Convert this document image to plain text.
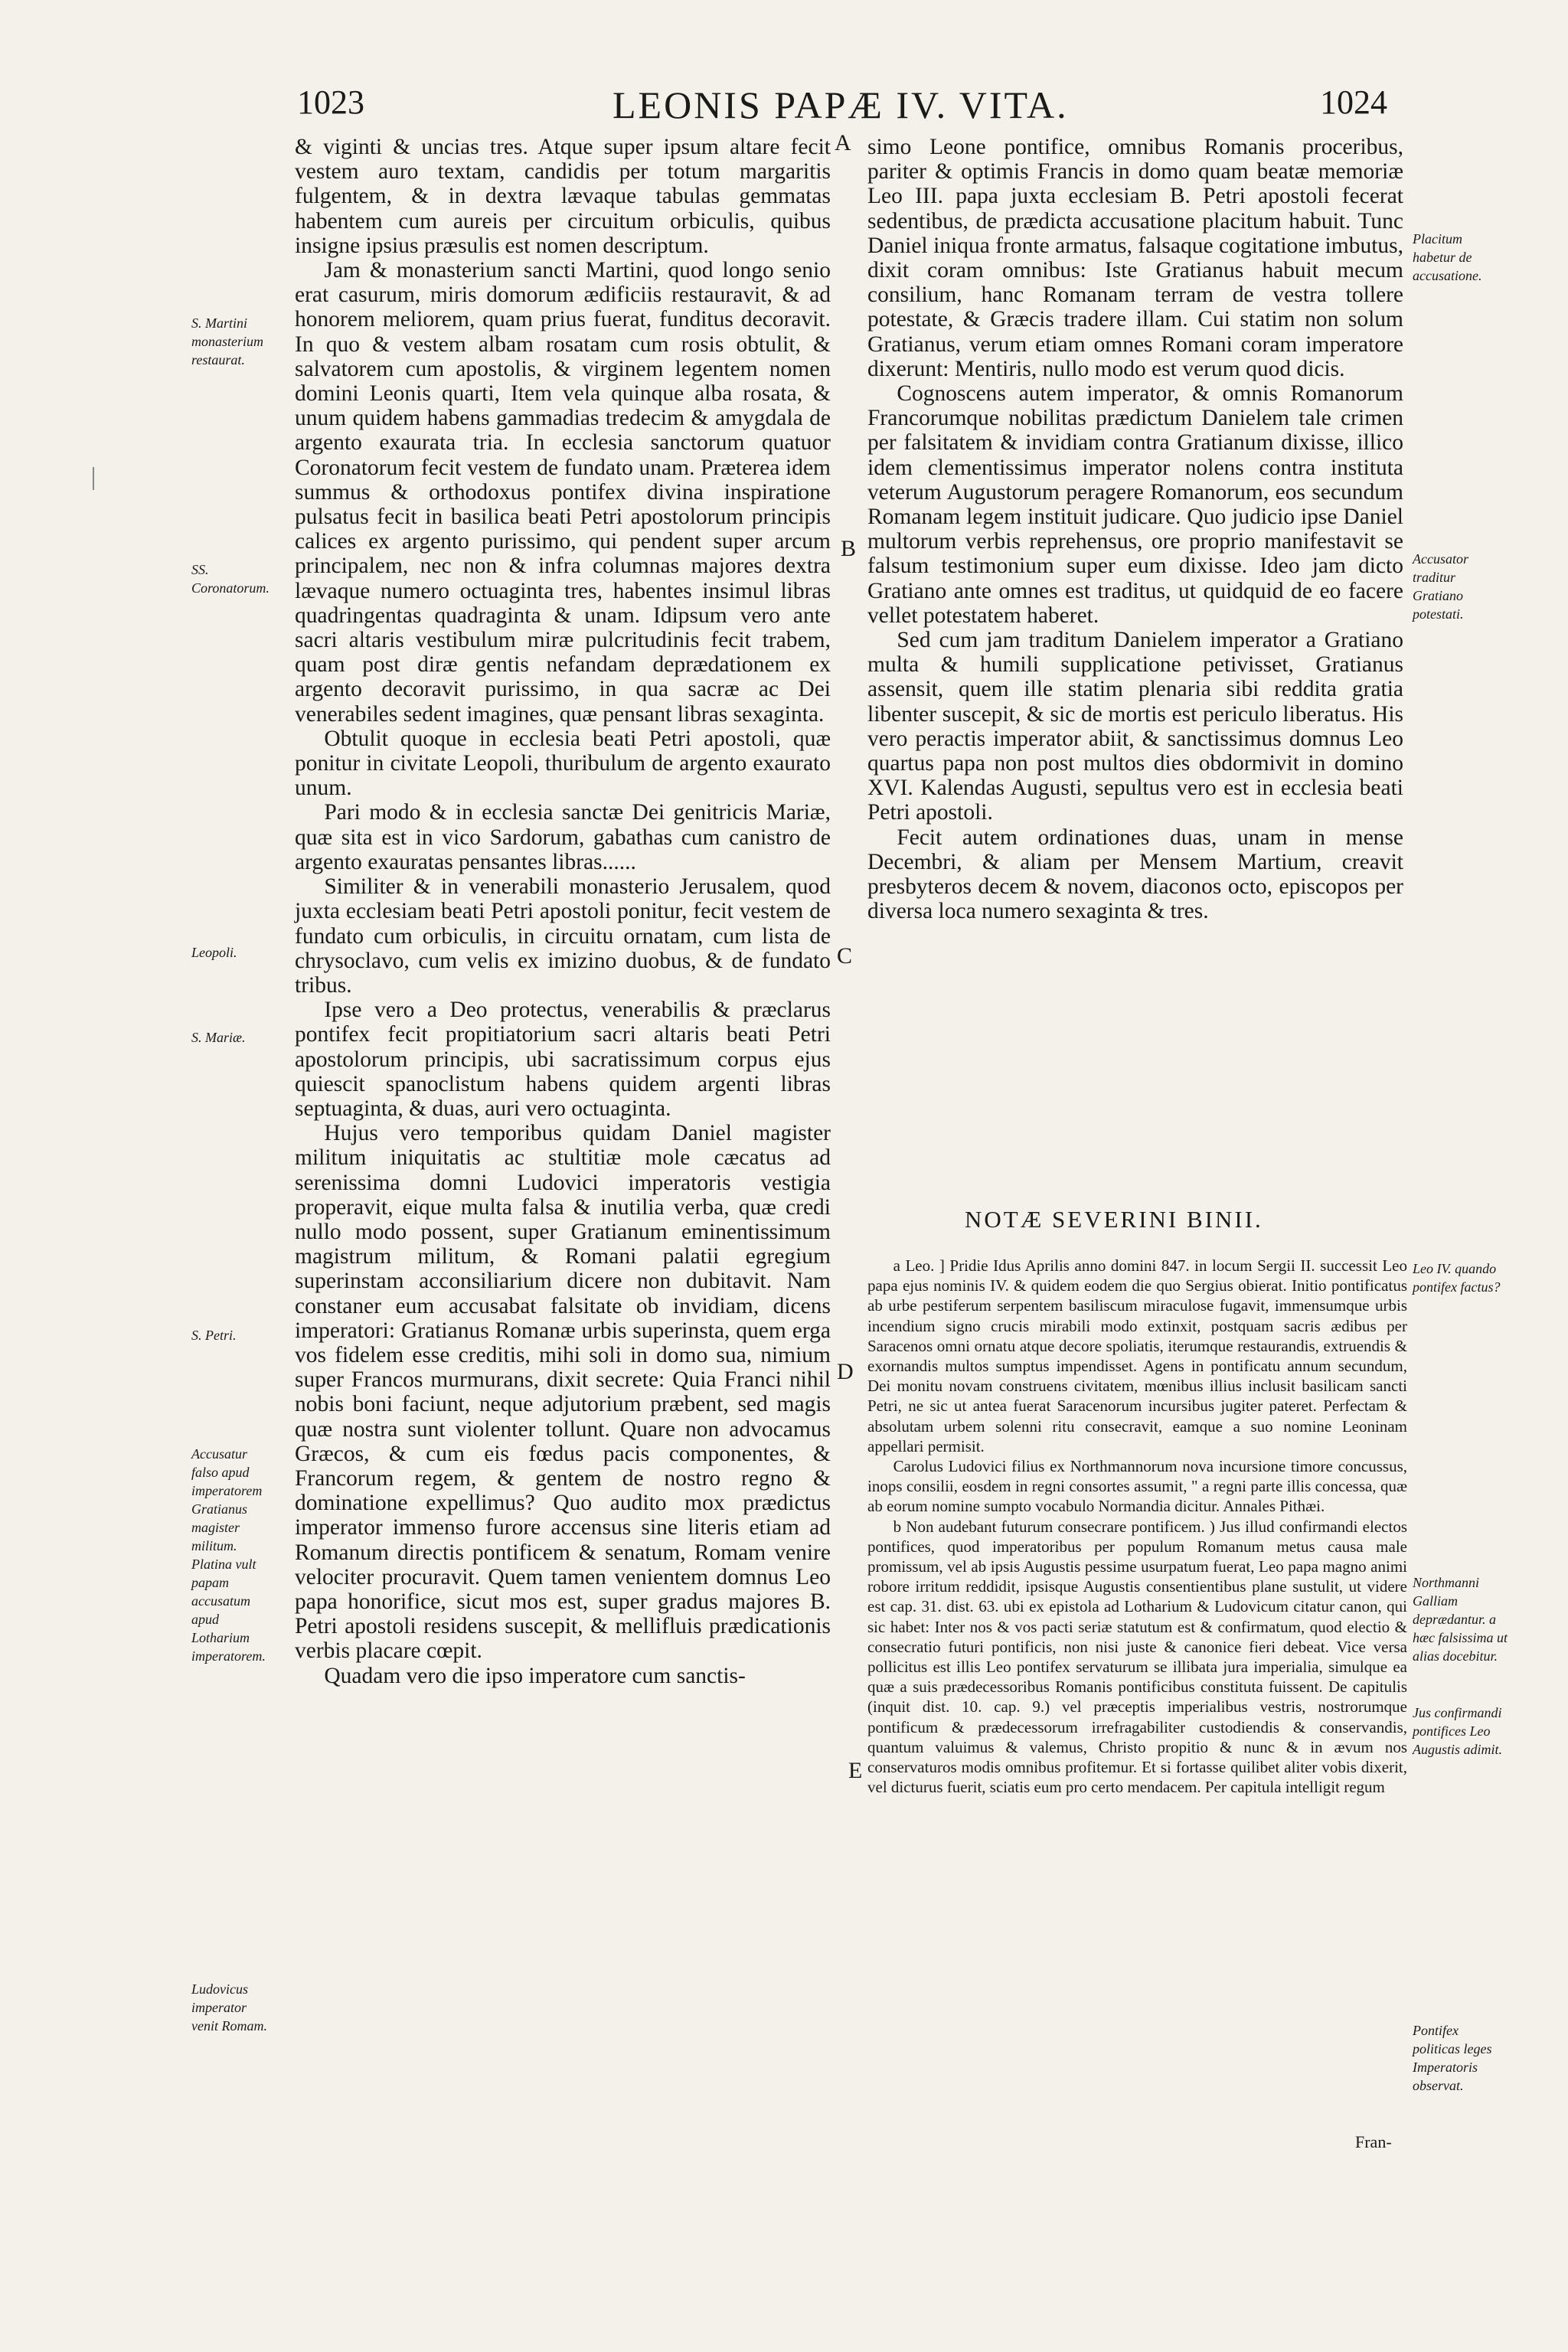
1023	LEONIS PAPÆ IV. VITA.	1024
S. Martini monasterium restaurat.
SS. Coronatorum.
Leopoli.
S. Mariæ.
S. Petri.
Accusatur falso apud imperatorem Gratianus magister militum. Platina vult papam accusatum apud Lotharium imperatorem.
Ludovicus imperator venit Romam.
A
B
C
D
E

& viginti & uncias tres. Atque super ipsum altare fecit vestem auro textam, candidis per totum margaritis fulgentem, & in dextra lævaque tabulas gemmatas habentem cum aureis per circuitum orbiculis, quibus insigne ipsius præsulis est nomen descriptum.

Jam & monasterium sancti Martini, quod longo senio erat casurum, miris domorum ædificiis restauravit, & ad honorem meliorem, quam prius fuerat, funditus decoravit. In quo & vestem albam rosatam cum rosis obtulit, & salvatorem cum apostolis, & virginem legentem nomen domini Leonis quarti, Item vela quinque alba rosata, & unum quidem habens gammadias tredecim & amygdala de argento exaurata tria. In ecclesia sanctorum quatuor Coronatorum fecit vestem de fundato unam. Præterea idem summus & orthodoxus pontifex divina inspiratione pulsatus fecit in basilica beati Petri apostolorum principis calices ex argento purissimo, qui pendent super arcum principalem, nec non & infra columnas majores dextra lævaque numero octuaginta tres, habentes insimul libras quadringentas quadraginta & unam. Idipsum vero ante sacri altaris vestibulum miræ pulcritudinis fecit trabem, quam post diræ gentis nefandam deprædationem ex argento decoravit purissimo, in qua sacræ ac Dei venerabiles sedent imagines, quæ pensant libras sexaginta.

Obtulit quoque in ecclesia beati Petri apostoli, quæ ponitur in civitate Leopoli, thuribulum de argento exaurato unum.

Pari modo & in ecclesia sanctæ Dei genitricis Mariæ, quæ sita est in vico Sardorum, gabathas cum canistro de argento exauratas pensantes libras......

Similiter & in venerabili monasterio Jerusalem, quod juxta ecclesiam beati Petri apostoli ponitur, fecit vestem de fundato cum orbiculis, in circuitu ornatam, cum lista de chrysoclavo, cum velis ex imizino duobus, & de fundato tribus.

Ipse vero a Deo protectus, venerabilis & præclarus pontifex fecit propitiatorium sacri altaris beati Petri apostolorum principis, ubi sacratissimum corpus ejus quiescit spanoclistum habens quidem argenti libras septuaginta, & duas, auri vero octuaginta.

Hujus vero temporibus quidam Daniel magister militum iniquitatis ac stultitiæ mole cæcatus ad serenissima domni Ludovici imperatoris vestigia properavit, eique multa falsa & inutilia verba, quæ credi nullo modo possent, super Gratianum eminentissimum magistrum militum, & Romani palatii egregium superinstam acconsiliarium dicere non dubitavit. Nam constaner eum accusabat falsitate ob invidiam, dicens imperatori: Gratianus Romanæ urbis superinsta, quem erga vos fidelem esse creditis, mihi soli in domo sua, nimium super Francos murmurans, dixit secrete: Quia Franci nihil nobis boni faciunt, neque adjutorium præbent, sed magis quæ nostra sunt violenter tollunt. Quare non advocamus Græcos, & cum eis fœdus pacis componentes, & Francorum regem, & gentem de nostro regno & dominatione expellimus? Quo audito mox prædictus imperator immenso furore accensus sine literis etiam ad Romanum directis pontificem & senatum, Romam venire velociter procuravit. Quem tamen venientem domnus Leo papa honorifice, sicut mos est, super gradus majores B. Petri apostoli residens suscepit, & mellifluis prædicationis verbis placare cœpit.

Quadam vero die ipso imperatore cum sanctis-

simo Leone pontifice, omnibus Romanis proceribus, pariter & optimis Francis in domo quam beatæ memoriæ Leo III. papa juxta ecclesiam B. Petri apostoli fecerat sedentibus, de prædicta accusatione placitum habuit. Tunc Daniel iniqua fronte armatus, falsaque cogitatione imbutus, dixit coram omnibus: Iste Gratianus habuit mecum consilium, hanc Romanam terram de vestra tollere potestate, & Græcis tradere illam. Cui statim non solum Gratianus, verum etiam omnes Romani coram imperatore dixerunt: Mentiris, nullo modo est verum quod dicis.

Cognoscens autem imperator, & omnis Romanorum Francorumque nobilitas prædictum Danielem tale crimen per falsitatem & invidiam contra Gratianum dixisse, illico idem clementissimus imperator nolens contra instituta veterum Augustorum peragere Romanorum, eos secundum Romanam legem instituit judicare. Quo judicio ipse Daniel multorum verbis reprehensus, ore proprio manifestavit se falsum testimonium super eum dixisse. Ideo jam dicto Gratiano ante omnes est traditus, ut quidquid de eo facere vellet potestatem haberet.

Sed cum jam traditum Danielem imperator a Gratiano multa & humili supplicatione petivisset, Gratianus assensit, quem ille statim plenaria sibi reddita gratia libenter suscepit, & sic de mortis est periculo liberatus. His vero peractis imperator abiit, & sanctissimus domnus Leo quartus papa non post multos dies obdormivit in domino XVI. Kalendas Augusti, sepultus vero est in ecclesia beati Petri apostoli.

Fecit autem ordinationes duas, unam in mense Decembri, & aliam per Mensem Martium, creavit presbyteros decem & novem, diaconos octo, episcopos per diversa loca numero sexaginta & tres.

Placitum habetur de accusatione.
Accusator traditur Gratiano potestati.
Leo IV. quando pontifex factus?
Northmanni Galliam deprædantur. a hæc falsissima ut alias docebitur.
Jus confirmandi pontifices Leo Augustis adimit.
Pontifex politicas leges Imperatoris observat.
NOTÆ SEVERINI BINII.

a Leo. ] Pridie Idus Aprilis anno domini 847. in locum Sergii II. successit Leo papa ejus nominis IV. & quidem eodem die quo Sergius obierat. Initio pontificatus ab urbe pestiferum serpentem basiliscum miraculose fugavit, immensumque urbis incendium signo crucis mirabili modo extinxit, postquam sacris ædibus per Saracenos omni ornatu atque decore spoliatis, iterumque restaurandis, extruendis & exornandis multos sumptus impendisset. Agens in pontificatu annum secundum, Dei monitu novam construens civitatem, mœnibus illius inclusit basilicam sancti Petri, ne sic ut antea fuerat Saracenorum incursibus jugiter pateret. Perfectam & absolutam urbem solenni ritu consecravit, eamque a suo nomine Leoninam appellari permisit.

Carolus Ludovici filius ex Northmannorum nova incursione timore concussus, inops consilii, eosdem in regni consortes assumit, " a regni parte illis concessa, quæ ab eorum nomine sumpto vocabulo Normandia dicitur. Annales Pithæi.

b Non audebant futurum consecrare pontificem. ) Jus illud confirmandi electos pontifices, quod imperatoribus per populum Romanum metus causa male promissum, vel ab ipsis Augustis pessime usurpatum fuerat, Leo papa magno animi robore irritum reddidit, ipsisque Augustis consentientibus plane sustulit, ut videre est cap. 31. dist. 63. ubi ex epistola ad Lotharium & Ludovicum citatur canon, qui sic habet: Inter nos & vos pacti seriæ statutum est & confirmatum, quod electio & consecratio futuri pontificis, non nisi juste & canonice fieri debeat. Vice versa pollicitus est illis Leo pontifex servaturum se illibata jura imperialia, simulque ea quæ a suis prædecessoribus Romanis pontificibus constituta fuissent. De capitulis (inquit dist. 10. cap. 9.) vel præceptis imperialibus vestris, nostrorumque pontificum & prædecessorum irrefragabiliter custodiendis & conservandis, quantum valuimus & valemus, Christo propitio & nunc & in ævum nos conservaturos modis omnibus profitemur. Et si fortasse quilibet aliter vobis dixerit, vel dicturus fuerit, sciatis eum pro certo mendacem. Per capitula intelligit regum

Fran-
